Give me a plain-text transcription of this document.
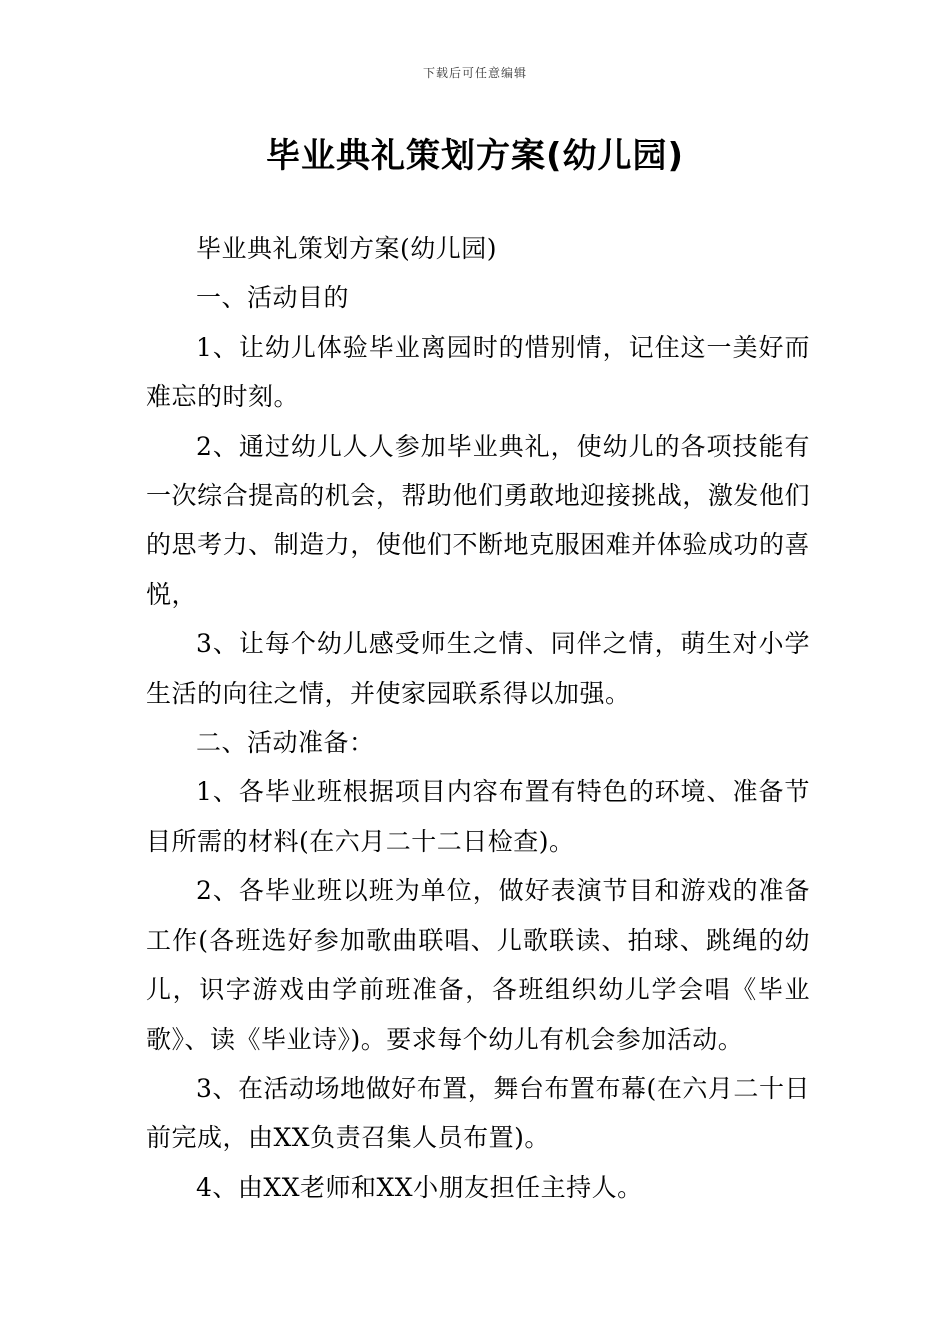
下载后可任意编辑
毕业典礼策划方案(幼儿园)

毕业典礼策划方案(幼儿园)

一、活动目的

1、让幼儿体验毕业离园时的惜别情，记住这一美好而难忘的时刻。

2、通过幼儿人人参加毕业典礼，使幼儿的各项技能有一次综合提高的机会，帮助他们勇敢地迎接挑战，激发他们的思考力、制造力，使他们不断地克服困难并体验成功的喜悦，

3、让每个幼儿感受师生之情、同伴之情，萌生对小学生活的向往之情，并使家园联系得以加强。

二、活动准备：

1、各毕业班根据项目内容布置有特色的环境、准备节目所需的材料(在六月二十二日检查)。

2、各毕业班以班为单位，做好表演节目和游戏的准备工作(各班选好参加歌曲联唱、儿歌联读、拍球、跳绳的幼儿，识字游戏由学前班准备，各班组织幼儿学会唱《毕业歌》、读《毕业诗》)。要求每个幼儿有机会参加活动。

3、在活动场地做好布置，舞台布置布幕(在六月二十日前完成，由XX负责召集人员布置)。

4、由XX老师和XX小朋友担任主持人。
